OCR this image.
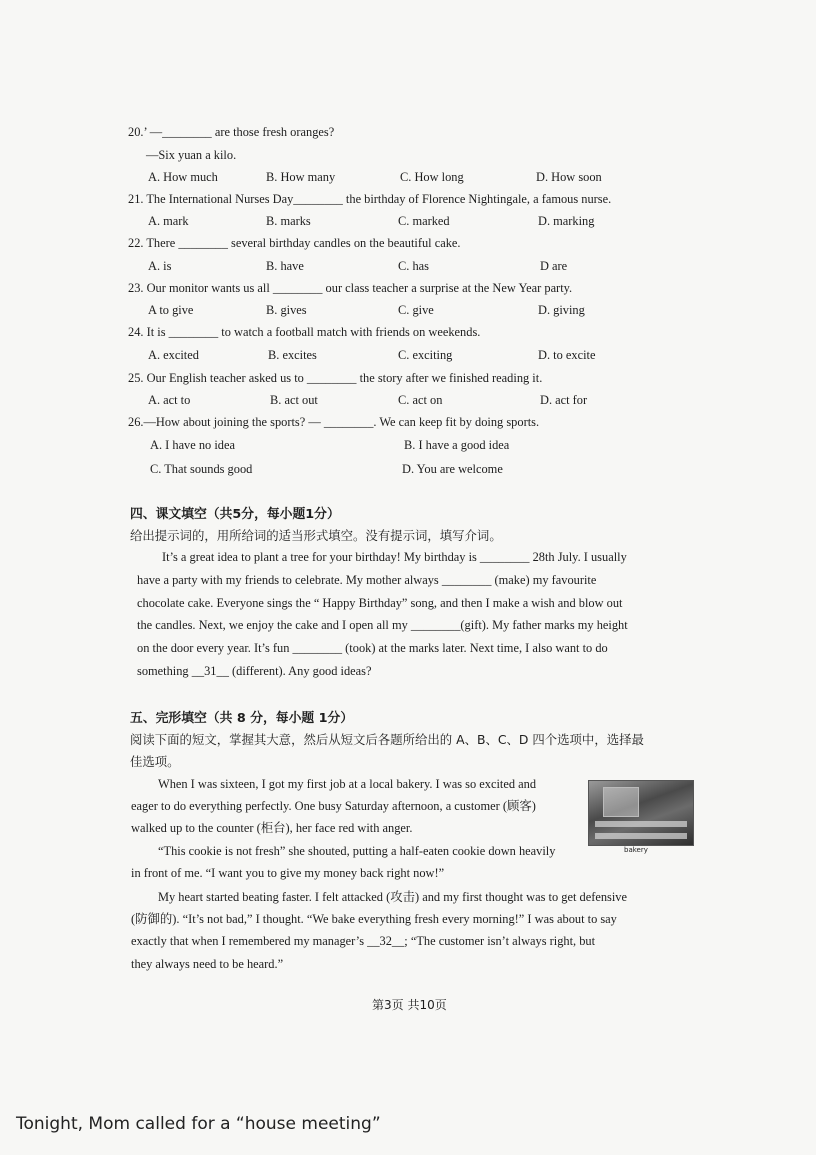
20.’ —________ are those fresh oranges?
—Six yuan a kilo.
A. How much	B. How many	C. How long	D. How soon
21. The International Nurses Day________ the birthday of Florence Nightingale, a famous nurse.
A. mark	B. marks	C. marked	D. marking
22. There ________ several birthday candles on the beautiful cake.
A. is	B. have	C. has	D are
23. Our monitor wants us all ________ our class teacher a surprise at the New Year party.
A to give	B. gives	C. give	D. giving
24. It is ________ to watch a football match with friends on weekends.
A. excited	B. excites	C. exciting	D. to excite
25. Our English teacher asked us to ________ the story after we finished reading it.
A. act to	B. act out	C. act on	D. act for
26.—How about joining the sports? — ________. We can keep fit by doing sports.
A. I have no idea	B. I have a good idea
C. That sounds good	D. You are welcome
四、课文填空（共5分，每小题1分）
给出提示词的，用所给词的适当形式填空。没有提示词，填写介词。
It’s a great idea to plant a tree for your birthday! My birthday is ________ 28th July. I usually
have a party with my friends to celebrate. My mother always ________ (make) my favourite
chocolate cake. Everyone sings the “ Happy Birthday” song, and then I make a wish and blow out
the candles. Next, we enjoy the cake and I open all my ________(gift). My father marks my height
on the door every year. It’s fun ________ (took) at the marks later. Next time, I also want to do
something __31__ (different). Any good ideas?
五、完形填空（共 8 分，每小题 1分）
阅读下面的短文，掌握其大意，然后从短文后各题所给出的 A、B、C、D 四个选项中，选择最
佳选项。
When I was sixteen, I got my first job at a local bakery. I was so excited and
eager to do everything perfectly. One busy Saturday afternoon, a customer (顾客)
walked up to the counter (柜台), her face red with anger.
“This cookie is not fresh” she shouted, putting a half-eaten cookie down heavily
in front of me. “I want you to give my money back right now!”
My heart started beating faster. I felt attacked (攻击) and my first thought was to get defensive
(防御的). “It’s not bad,” I thought. “We bake everything fresh every morning!” I was about to say
exactly that when I remembered my manager’s __32__; “The customer isn’t always right, but
they always need to be heard.”
bakery
第3页 共10页
Tonight, Mom called for a “house meeting”
